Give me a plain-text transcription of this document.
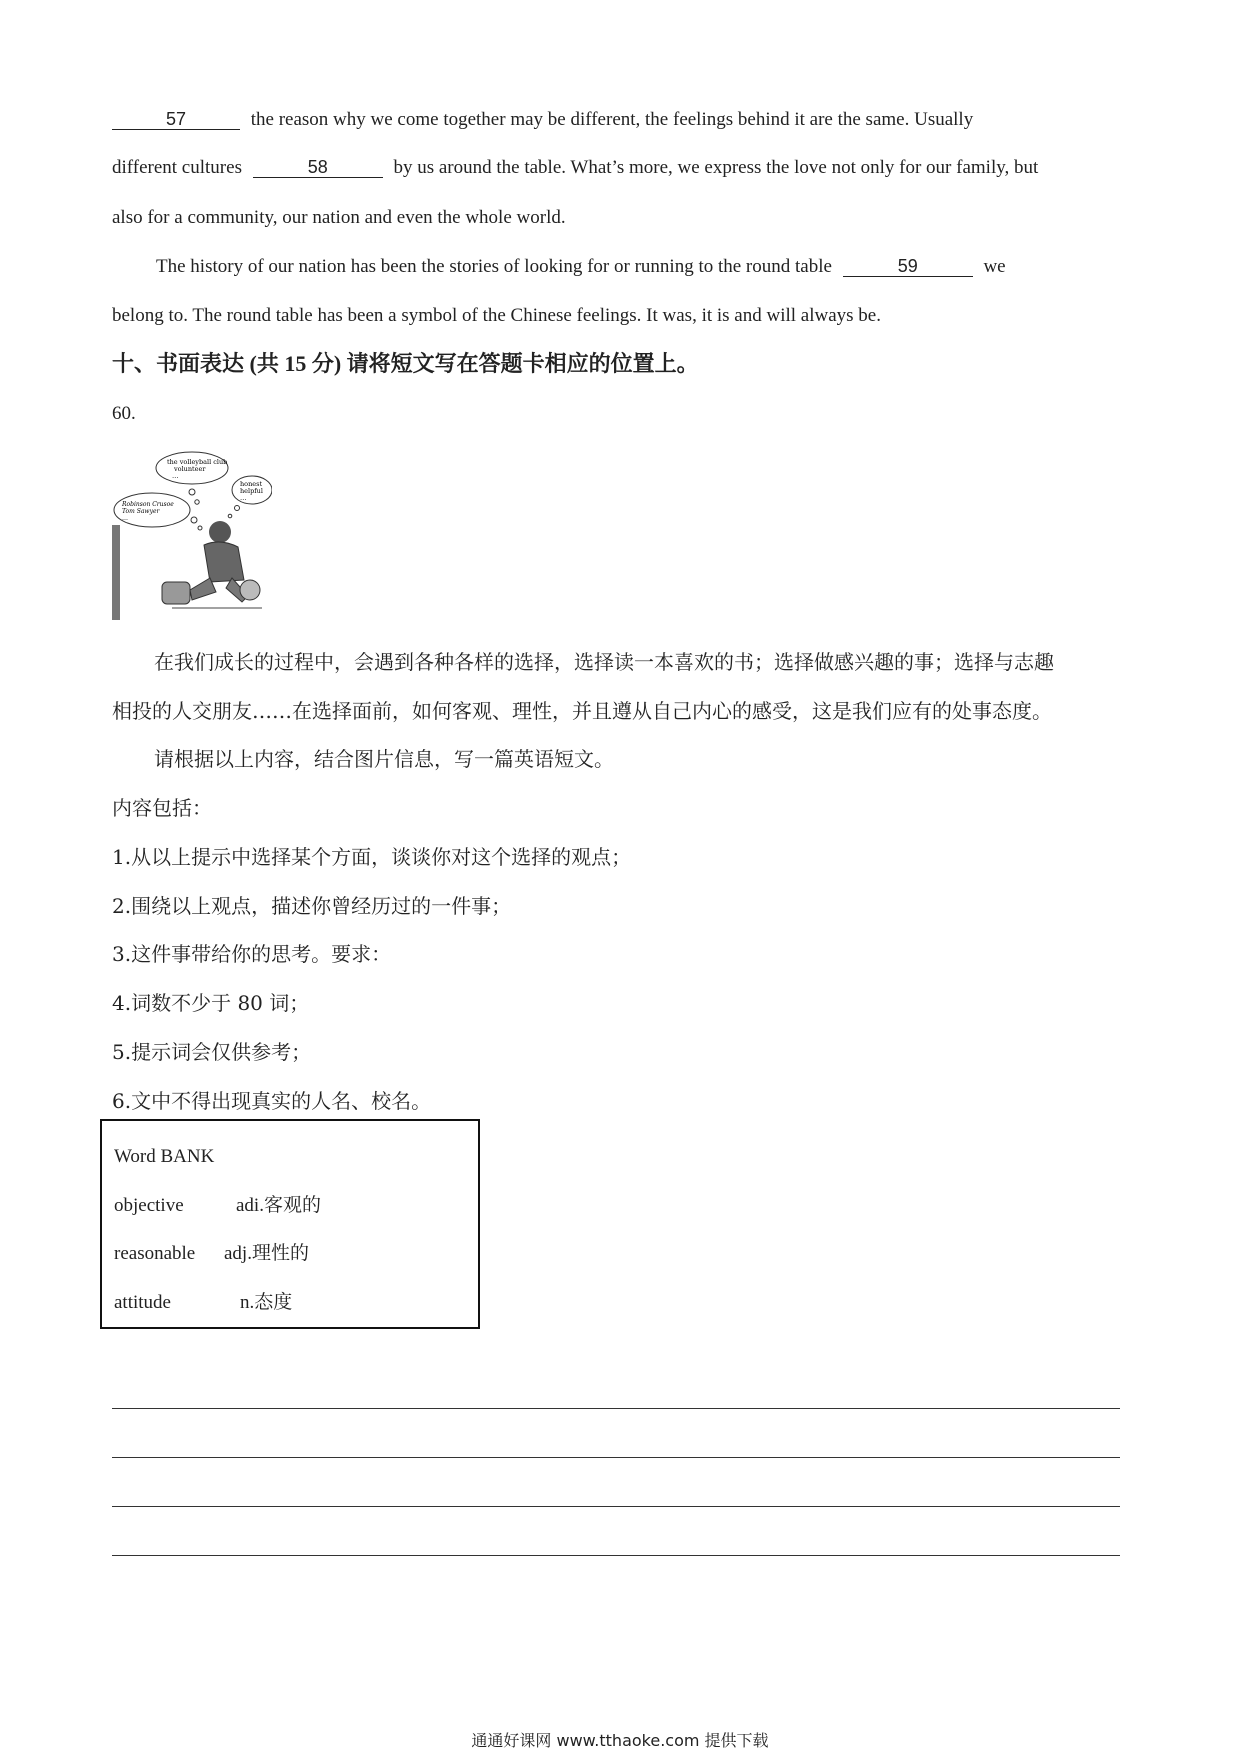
57	the reason why we come together may be different, the feelings behind it are the same. Usually
different cultures	58	by us around the table. What’s more, we express the love not only for our family, but
also for a community, our nation and even the whole world.
The history of our nation has been the stories of looking for or running to the round table	59	we
belong to. The round table has been a symbol of the Chinese feelings. It was, it is and will always be.
十、书面表达 (共 15 分) 请将短文写在答题卡相应的位置上。
60.
the volleyball club
volunteer
…
honest
helpful
…
Robinson Crusoe
Tom Sawyer
…
在我们成长的过程中，会遇到各种各样的选择，选择读一本喜欢的书；选择做感兴趣的事；选择与志趣
相投的人交朋友……在选择面前，如何客观、理性，并且遵从自己内心的感受，这是我们应有的处事态度。
请根据以上内容，结合图片信息，写一篇英语短文。
内容包括：
1.从以上提示中选择某个方面，谈谈你对这个选择的观点；
2.围绕以上观点，描述你曾经历过的一件事；
3.这件事带给你的思考。要求：
4.词数不少于 80 词；
5.提示词会仅供参考；
6.文中不得出现真实的人名、校名。
Word BANK
objective	adi.客观的
reasonable adj.理性的
attitude	n.态度
通通好课网 www.tthaoke.com 提供下载
